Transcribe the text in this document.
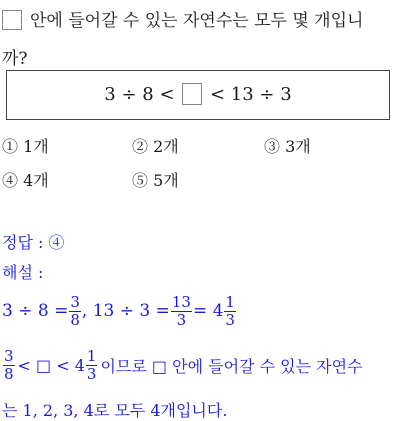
안에 들어갈 수 있는 자연수는 모두 몇 개입니
까?
3 ÷ 8 < < 13 ÷ 3
① 1개	② 2개	③ 3개
④ 4개	⑤ 5개
정답 : ④
해설 :
$3 \div 8 = \frac{3}{8}$ , $13 \div 3 = \frac{13}{3} = 4 \frac{1}{3}$
$\frac{3}{8}$ < □ < $4 \frac{1}{3}$ 이므로 □ 안에 들어갈 수 있는 자연수
는 1, 2, 3, 4로 모두 4개입니다.
